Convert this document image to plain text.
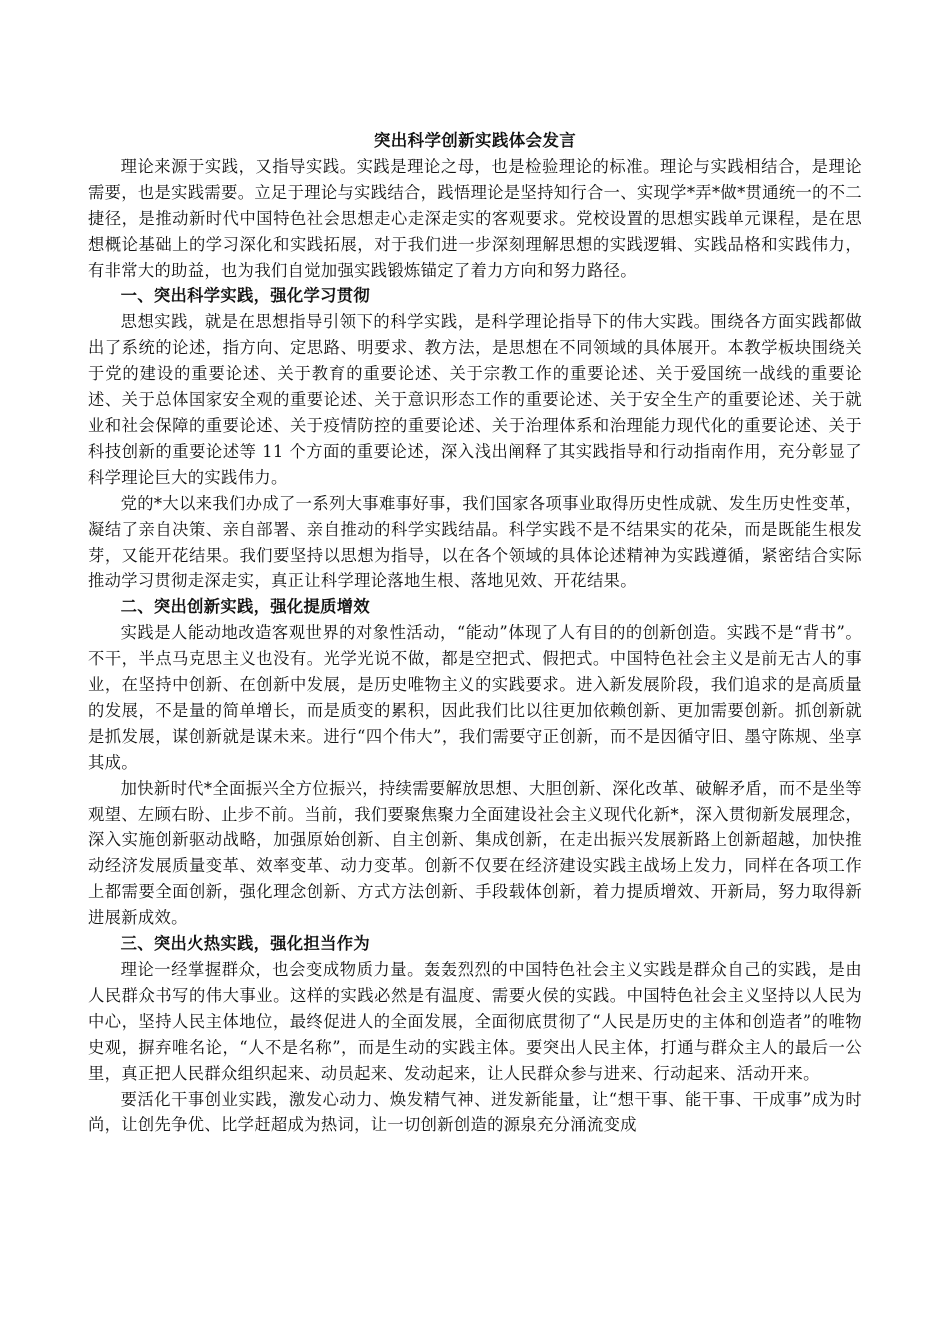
突出科学创新实践体会发言

理论来源于实践，又指导实践。实践是理论之母，也是检验理论的标准。理论与实践相结合，是理论需要，也是实践需要。立足于理论与实践结合，践悟理论是坚持知行合一、实现学*弄*做*贯通统一的不二捷径，是推动新时代中国特色社会思想走心走深走实的客观要求。党校设置的思想实践单元课程，是在思想概论基础上的学习深化和实践拓展，对于我们进一步深刻理解思想的实践逻辑、实践品格和实践伟力，有非常大的助益，也为我们自觉加强实践锻炼锚定了着力方向和努力路径。

一、突出科学实践，强化学习贯彻

思想实践，就是在思想指导引领下的科学实践，是科学理论指导下的伟大实践。围绕各方面实践都做出了系统的论述，指方向、定思路、明要求、教方法，是思想在不同领域的具体展开。本教学板块围绕关于党的建设的重要论述、关于教育的重要论述、关于宗教工作的重要论述、关于爱国统一战线的重要论述、关于总体国家安全观的重要论述、关于意识形态工作的重要论述、关于安全生产的重要论述、关于就业和社会保障的重要论述、关于疫情防控的重要论述、关于治理体系和治理能力现代化的重要论述、关于科技创新的重要论述等 11 个方面的重要论述，深入浅出阐释了其实践指导和行动指南作用，充分彰显了科学理论巨大的实践伟力。

党的*大以来我们办成了一系列大事难事好事，我们国家各项事业取得历史性成就、发生历史性变革，凝结了亲自决策、亲自部署、亲自推动的科学实践结晶。科学实践不是不结果实的花朵，而是既能生根发芽，又能开花结果。我们要坚持以思想为指导，以在各个领域的具体论述精神为实践遵循，紧密结合实际推动学习贯彻走深走实，真正让科学理论落地生根、落地见效、开花结果。

二、突出创新实践，强化提质增效

实践是人能动地改造客观世界的对象性活动，“能动”体现了人有目的的创新创造。实践不是“背书”。不干，半点马克思主义也没有。光学光说不做，都是空把式、假把式。中国特色社会主义是前无古人的事业，在坚持中创新、在创新中发展，是历史唯物主义的实践要求。进入新发展阶段，我们追求的是高质量的发展，不是量的简单增长，而是质变的累积，因此我们比以往更加依赖创新、更加需要创新。抓创新就是抓发展，谋创新就是谋未来。进行“四个伟大”，我们需要守正创新，而不是因循守旧、墨守陈规、坐享其成。

加快新时代*全面振兴全方位振兴，持续需要解放思想、大胆创新、深化改革、破解矛盾，而不是坐等观望、左顾右盼、止步不前。当前，我们要聚焦聚力全面建设社会主义现代化新*，深入贯彻新发展理念，深入实施创新驱动战略，加强原始创新、自主创新、集成创新，在走出振兴发展新路上创新超越，加快推动经济发展质量变革、效率变革、动力变革。创新不仅要在经济建设实践主战场上发力，同样在各项工作上都需要全面创新，强化理念创新、方式方法创新、手段载体创新，着力提质增效、开新局，努力取得新进展新成效。

三、突出火热实践，强化担当作为

理论一经掌握群众，也会变成物质力量。轰轰烈烈的中国特色社会主义实践是群众自己的实践，是由人民群众书写的伟大事业。这样的实践必然是有温度、需要火侯的实践。中国特色社会主义坚持以人民为中心，坚持人民主体地位，最终促进人的全面发展，全面彻底贯彻了“人民是历史的主体和创造者”的唯物史观，摒弃唯名论，“人不是名称”，而是生动的实践主体。要突出人民主体，打通与群众主人的最后一公里，真正把人民群众组织起来、动员起来、发动起来，让人民群众参与进来、行动起来、活动开来。

要活化干事创业实践，激发心动力、焕发精气神、迸发新能量，让“想干事、能干事、干成事”成为时尚，让创先争优、比学赶超成为热词，让一切创新创造的源泉充分涌流变成
